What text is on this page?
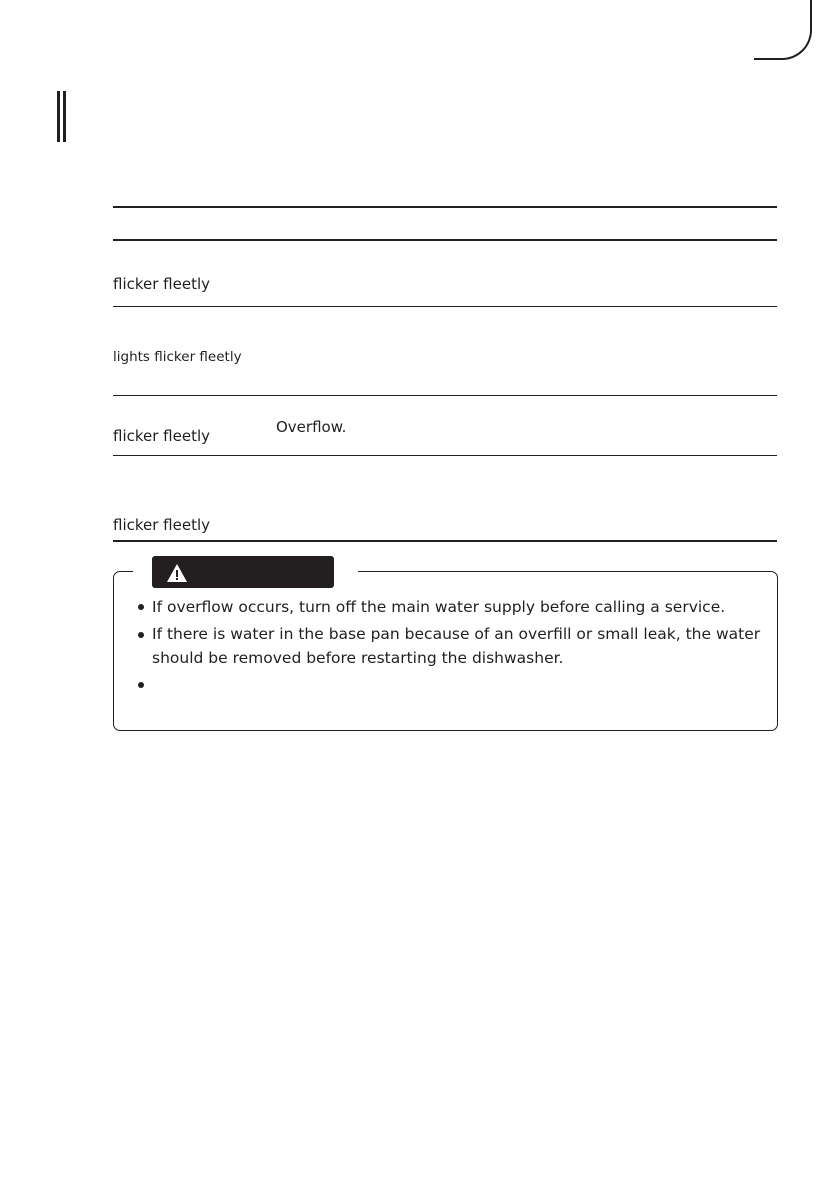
flicker fleetly
lights flicker fleetly
flicker fleetly	Overflow.
flicker fleetly
If overflow occurs, turn off the main water supply before calling a service.
If there is water in the base pan because of an overfill or small leak, the water
should be removed before restarting the dishwasher.
